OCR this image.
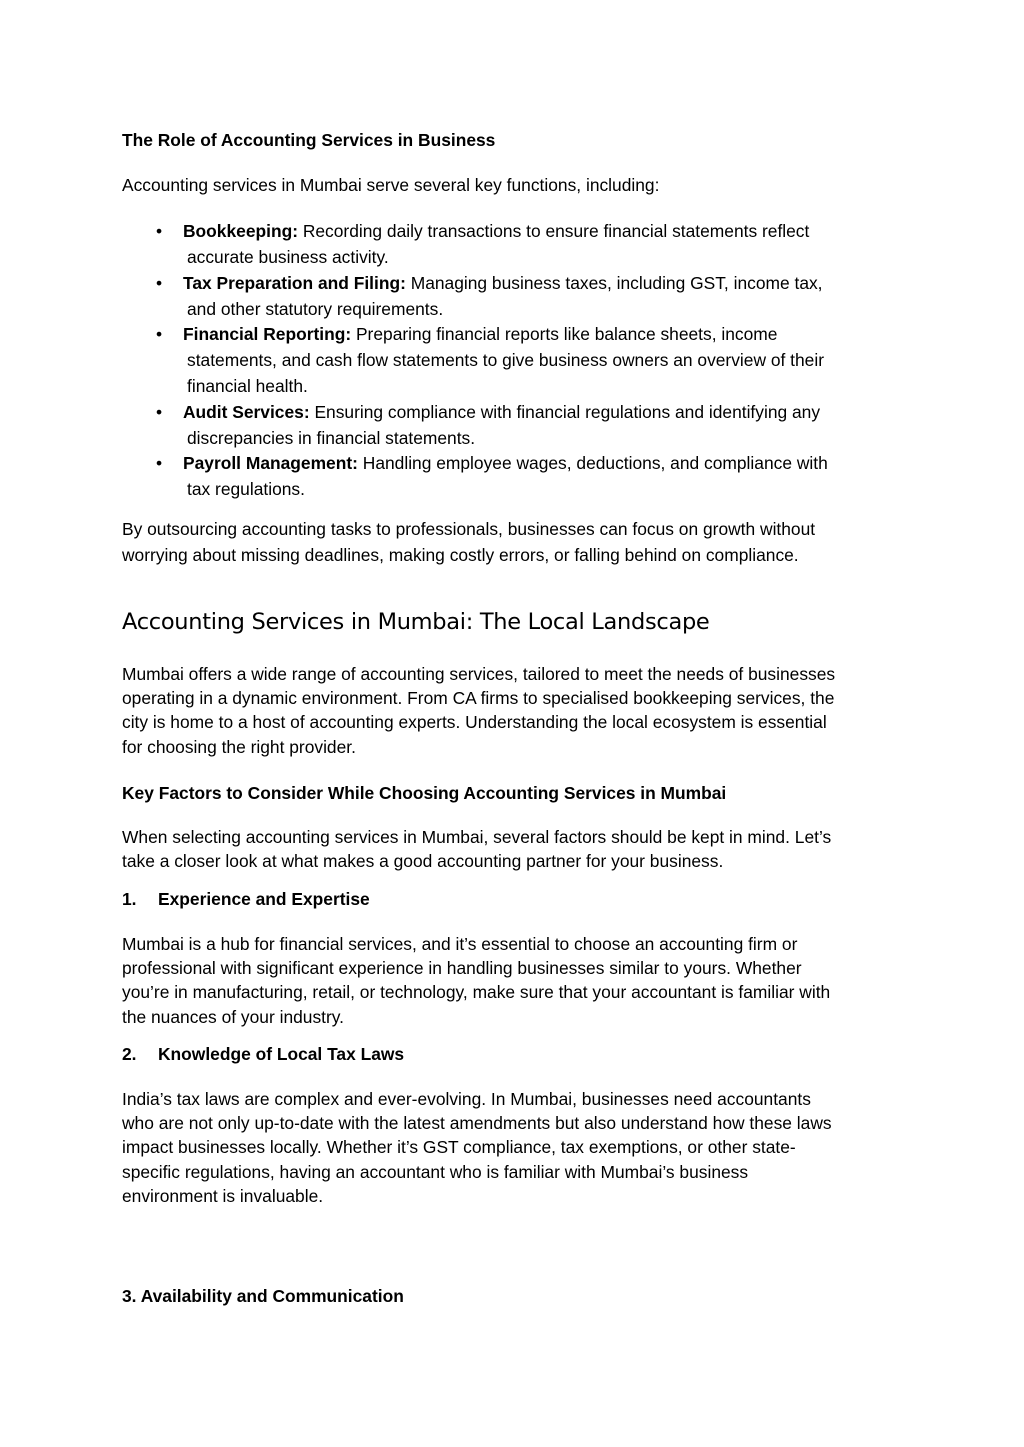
The Role of Accounting Services in Business

Accounting services in Mumbai serve several key functions, including:

• Bookkeeping: Recording daily transactions to ensure financial statements reflect
accurate business activity.
• Tax Preparation and Filing: Managing business taxes, including GST, income tax,
and other statutory requirements.
• Financial Reporting: Preparing financial reports like balance sheets, income
statements, and cash flow statements to give business owners an overview of their
financial health.
• Audit Services: Ensuring compliance with financial regulations and identifying any
discrepancies in financial statements.
• Payroll Management: Handling employee wages, deductions, and compliance with
tax regulations.

By outsourcing accounting tasks to professionals, businesses can focus on growth without
worrying about missing deadlines, making costly errors, or falling behind on compliance.

Accounting Services in Mumbai: The Local Landscape

Mumbai offers a wide range of accounting services, tailored to meet the needs of businesses
operating in a dynamic environment. From CA firms to specialised bookkeeping services, the
city is home to a host of accounting experts. Understanding the local ecosystem is essential
for choosing the right provider.

Key Factors to Consider While Choosing Accounting Services in Mumbai

When selecting accounting services in Mumbai, several factors should be kept in mind. Let’s
take a closer look at what makes a good accounting partner for your business.

1. Experience and Expertise

Mumbai is a hub for financial services, and it’s essential to choose an accounting firm or
professional with significant experience in handling businesses similar to yours. Whether
you’re in manufacturing, retail, or technology, make sure that your accountant is familiar with
the nuances of your industry.

2. Knowledge of Local Tax Laws

India’s tax laws are complex and ever-evolving. In Mumbai, businesses need accountants
who are not only up-to-date with the latest amendments but also understand how these laws
impact businesses locally. Whether it’s GST compliance, tax exemptions, or other state-
specific regulations, having an accountant who is familiar with Mumbai’s business
environment is invaluable.

3. Availability and Communication
